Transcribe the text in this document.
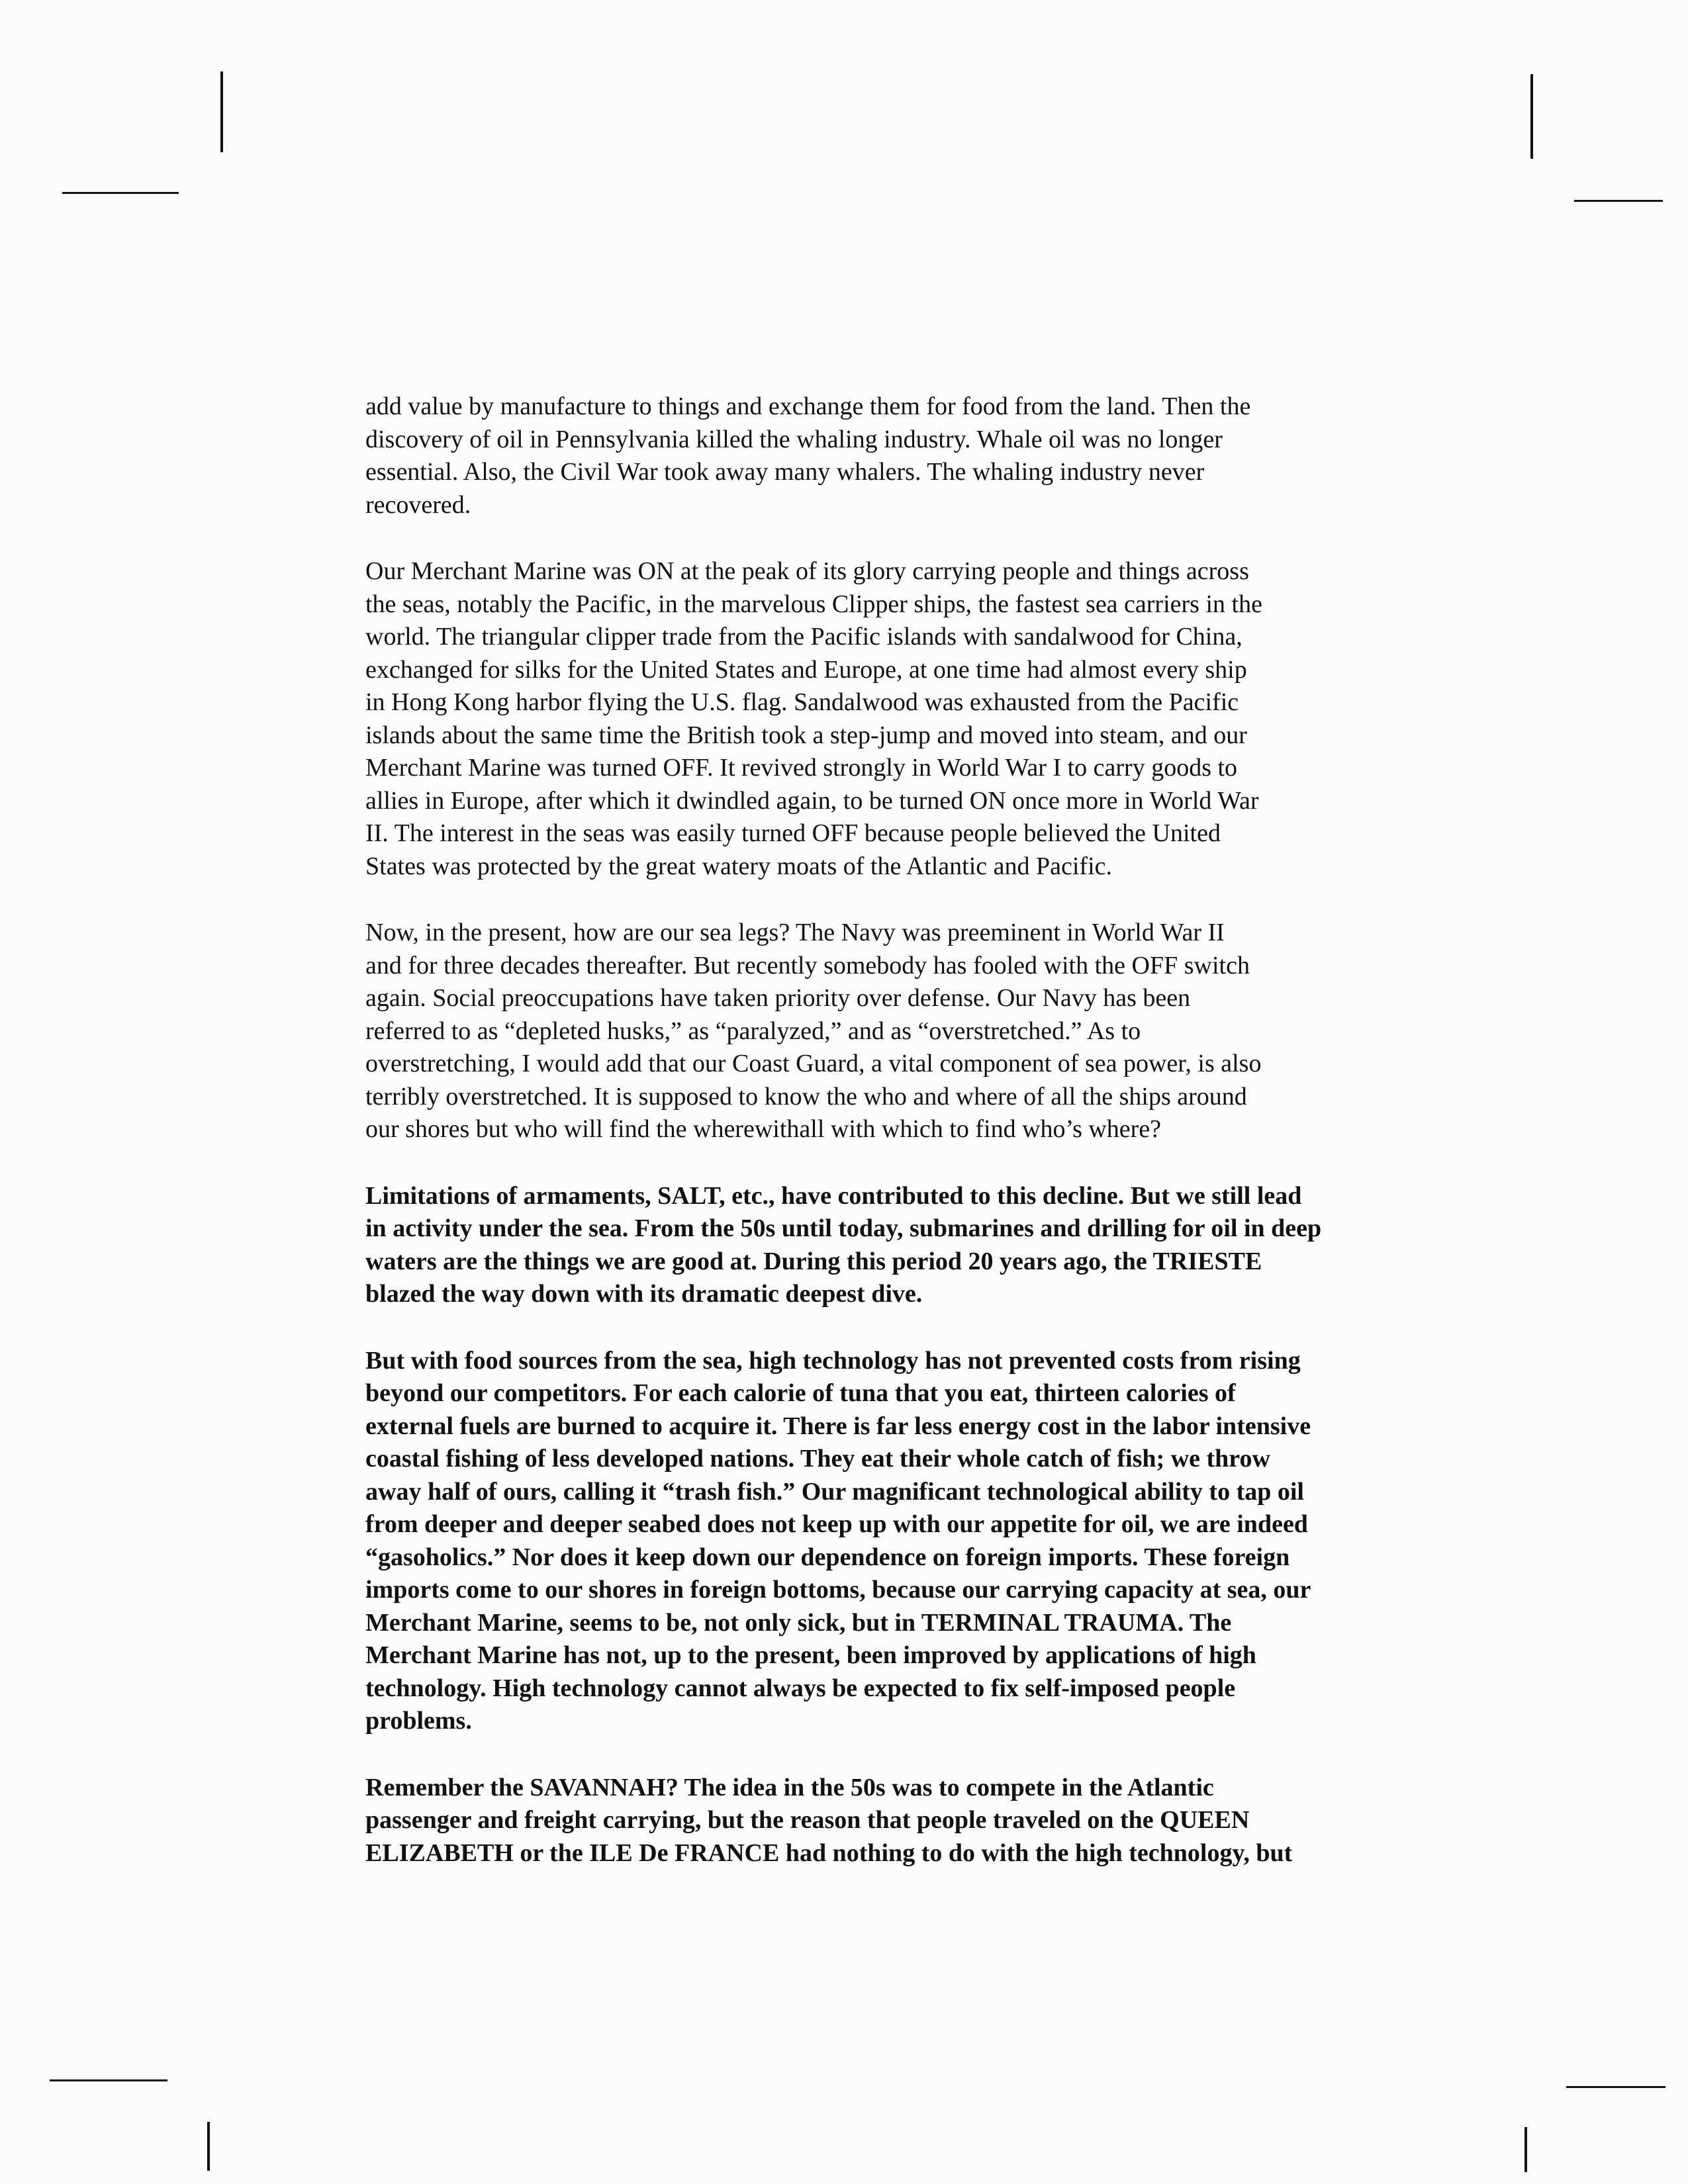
add value by manufacture to things and exchange them for food from the land. Then the
discovery of oil in Pennsylvania killed the whaling industry. Whale oil was no longer
essential. Also, the Civil War took away many whalers. The whaling industry never
recovered.
Our Merchant Marine was ON at the peak of its glory carrying people and things across
the seas, notably the Pacific, in the marvelous Clipper ships, the fastest sea carriers in the
world. The triangular clipper trade from the Pacific islands with sandalwood for China,
exchanged for silks for the United States and Europe, at one time had almost every ship
in Hong Kong harbor flying the U.S. flag. Sandalwood was exhausted from the Pacific
islands about the same time the British took a step-jump and moved into steam, and our
Merchant Marine was turned OFF. It revived strongly in World War I to carry goods to
allies in Europe, after which it dwindled again, to be turned ON once more in World War
II. The interest in the seas was easily turned OFF because people believed the United
States was protected by the great watery moats of the Atlantic and Pacific.
Now, in the present, how are our sea legs? The Navy was preeminent in World War II
and for three decades thereafter. But recently somebody has fooled with the OFF switch
again. Social preoccupations have taken priority over defense. Our Navy has been
referred to as “depleted husks,” as “paralyzed,” and as “overstretched.” As to
overstretching, I would add that our Coast Guard, a vital component of sea power, is also
terribly overstretched. It is supposed to know the who and where of all the ships around
our shores but who will find the wherewithall with which to find who’s where?
Limitations of armaments, SALT, etc., have contributed to this decline. But we still lead
in activity under the sea. From the 50s until today, submarines and drilling for oil in deep
waters are the things we are good at. During this period 20 years ago, the TRIESTE
blazed the way down with its dramatic deepest dive.
But with food sources from the sea, high technology has not prevented costs from rising
beyond our competitors. For each calorie of tuna that you eat, thirteen calories of
external fuels are burned to acquire it. There is far less energy cost in the labor intensive
coastal fishing of less developed nations. They eat their whole catch of fish; we throw
away half of ours, calling it “trash fish.” Our magnificant technological ability to tap oil
from deeper and deeper seabed does not keep up with our appetite for oil, we are indeed
“gasoholics.” Nor does it keep down our dependence on foreign imports. These foreign
imports come to our shores in foreign bottoms, because our carrying capacity at sea, our
Merchant Marine, seems to be, not only sick, but in TERMINAL TRAUMA. The
Merchant Marine has not, up to the present, been improved by applications of high
technology. High technology cannot always be expected to fix self-imposed people
problems.
Remember the SAVANNAH? The idea in the 50s was to compete in the Atlantic
passenger and freight carrying, but the reason that people traveled on the QUEEN
ELIZABETH or the ILE De FRANCE had nothing to do with the high technology, but
